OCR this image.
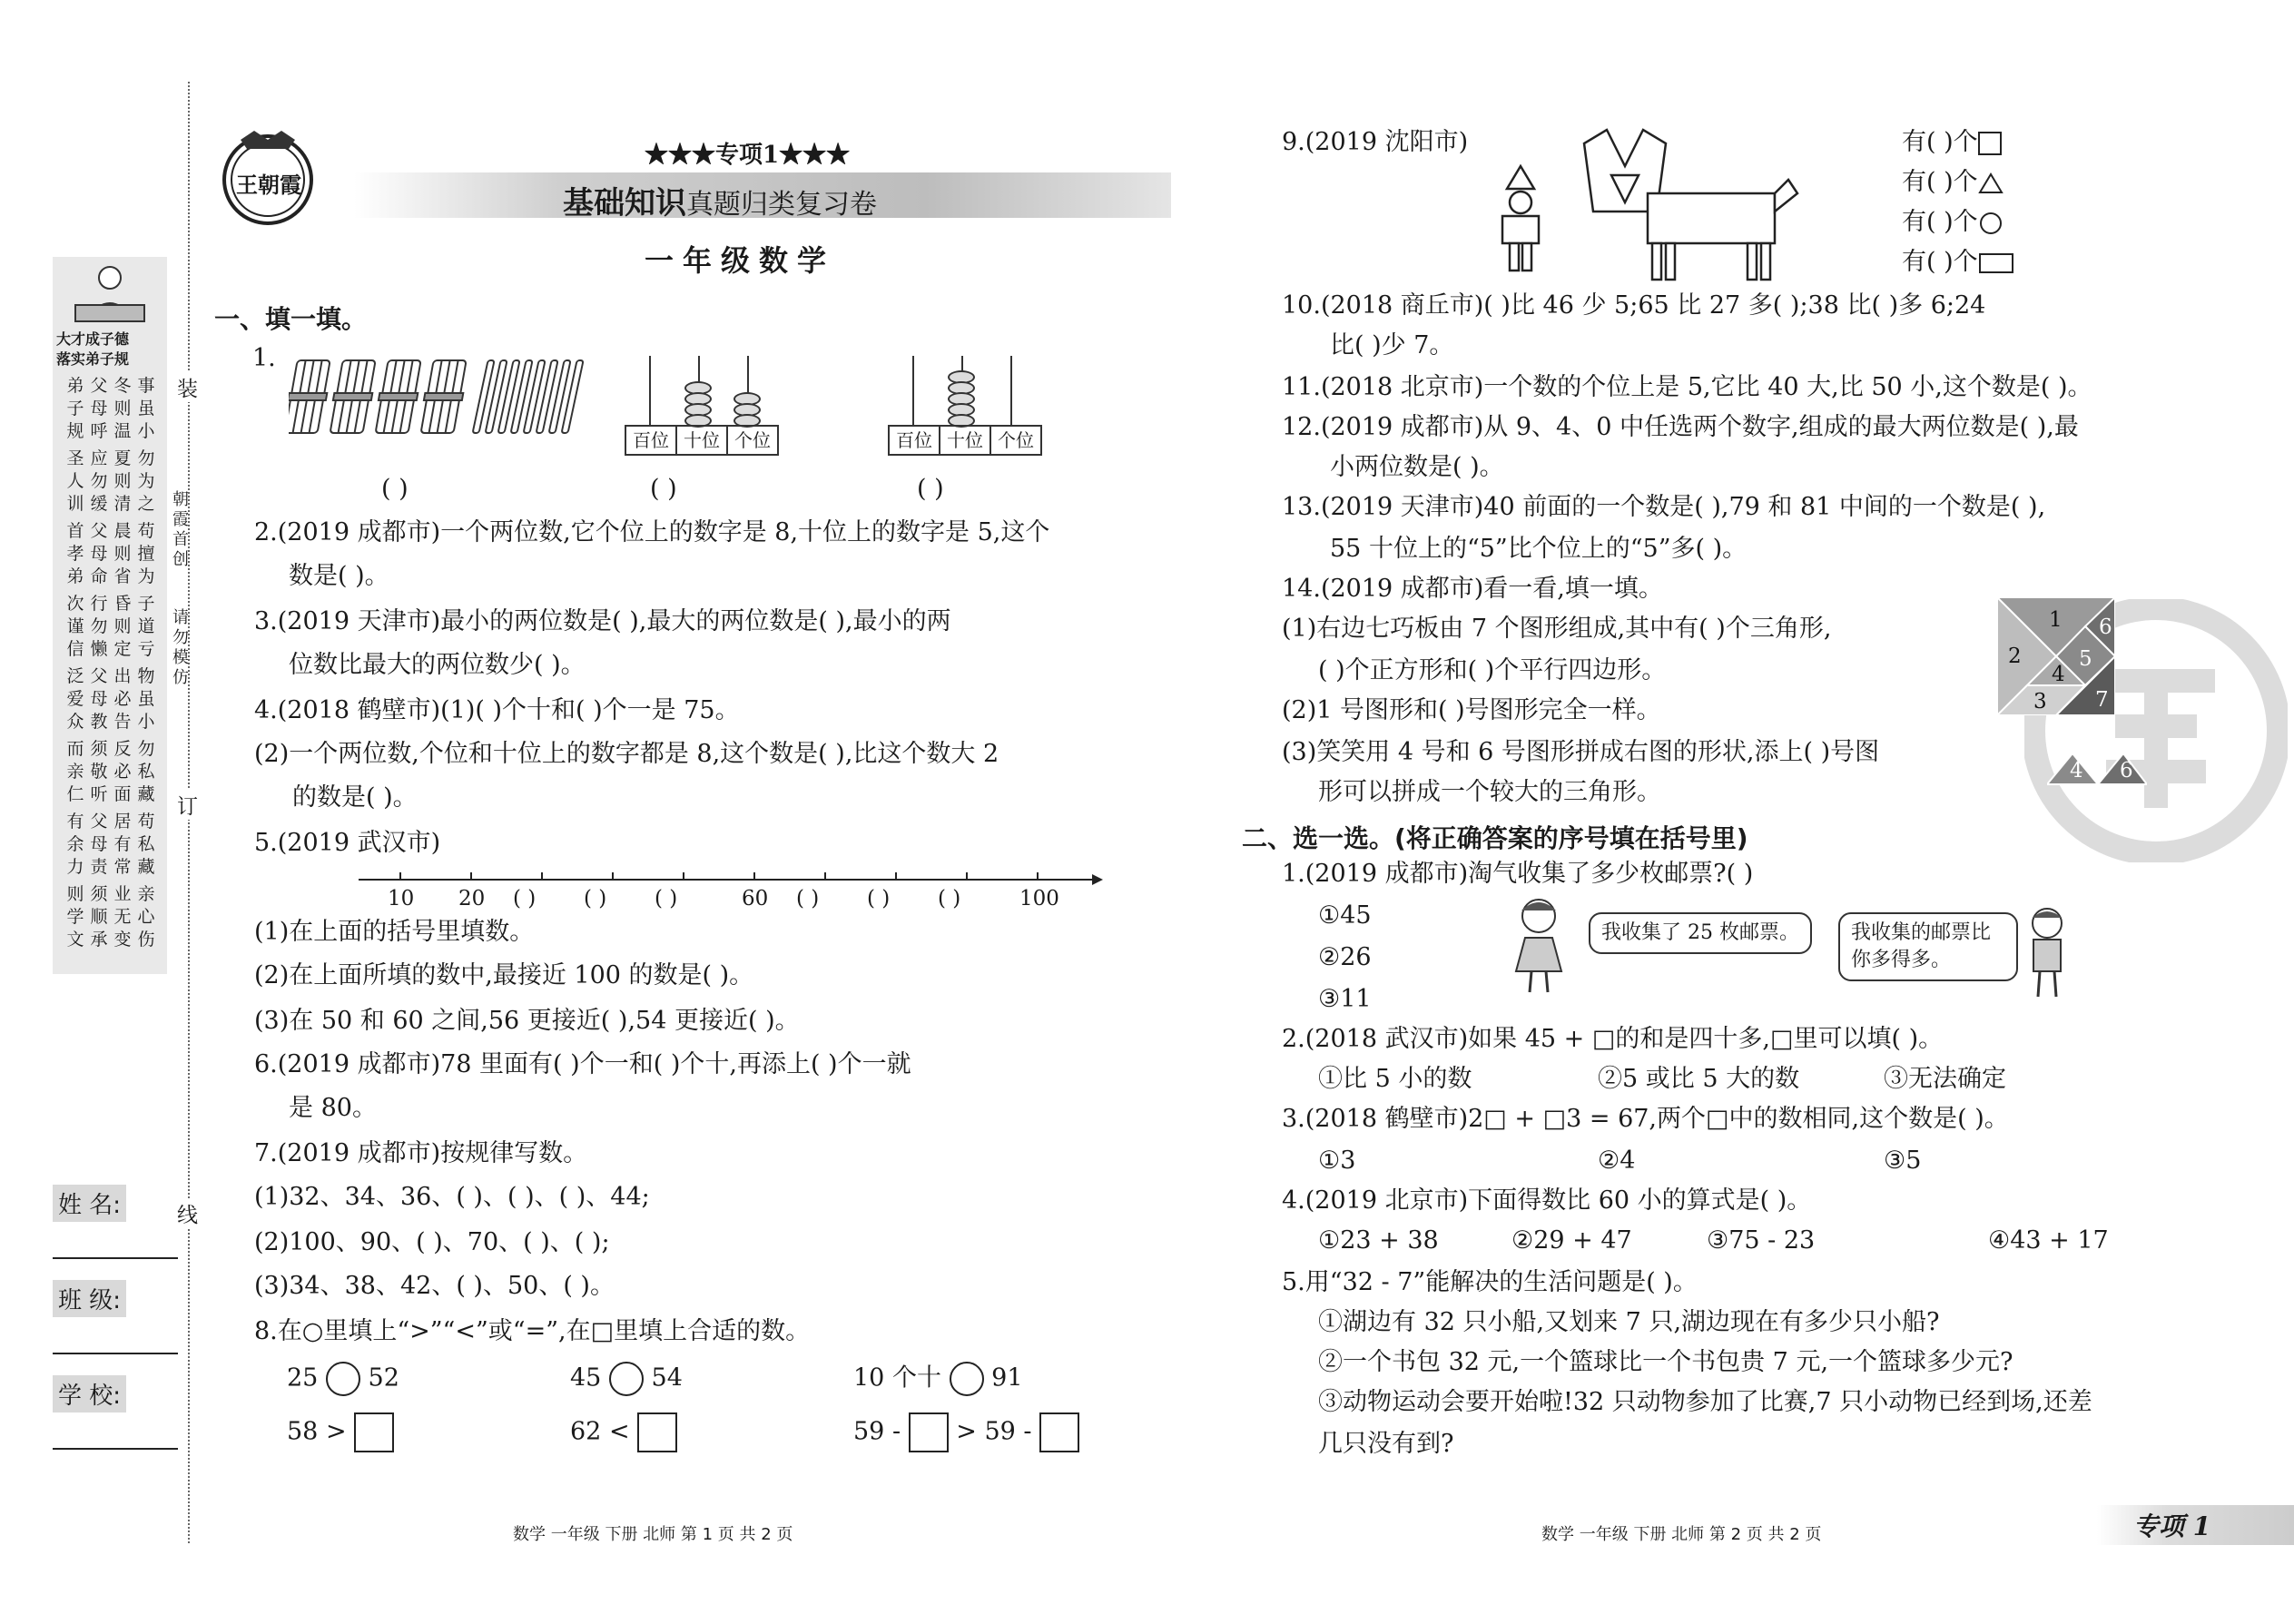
装
订
线
朝霞首创
请勿模仿
大才成子德
落实弟子规
事虽小
冬则温
父母呼
弟子规
勿为之
夏则清
应勿缓
圣人训
苟擅为
晨则省
父母命
首孝弟
子道亏
昏则定
行勿懒
次谨信
物虽小
出必告
父母教
泛爱众
勿私藏
反必面
须敬听
而亲仁
苟私藏
居有常
父母责
有余力
亲心伤
业无变
须顺承
则学文
姓 名:
班 级:
学 校:
王朝霞
★★★专项1★★★
基础知识真题归类复习卷
一年级数学
一、填一填。
1.
百位 十位 个位	百位 十位 个位
( )	( )	( )
2.(2019 成都市)一个两位数,它个位上的数字是 8,十位上的数字是 5,这个
数是( )。
3.(2019 天津市)最小的两位数是( ),最大的两位数是( ),最小的两
位数比最大的两位数少( )。
4.(2018 鹤壁市)(1)( )个十和( )个一是 75。
(2)一个两位数,个位和十位上的数字都是 8,这个数是( ),比这个数大 2
的数是( )。
5.(2019 武汉市)
10 20 ( ) ( ) ( )	60 ( ) ( ) ( )	100
(1)在上面的括号里填数。
(2)在上面所填的数中,最接近 100 的数是( )。
(3)在 50 和 60 之间,56 更接近( ),54 更接近( )。
6.(2019 成都市)78 里面有( )个一和( )个十,再添上( )个一就
是 80。
7.(2019 成都市)按规律写数。
(1)32、34、36、( )、( )、( )、44;
(2)100、90、( )、70、( )、( );
(3)34、38、42、( )、50、( )。
8.在○里填上“>”“<”或“=”,在□里填上合适的数。
25 52	45 54	10 个十 91
58 >	62 <	59 - > 59 -
数学 一年级 下册 北师 第 1 页 共 2 页
9.(2019 沈阳市)	有( )个
有( )个
有( )个
有( )个
10.(2018 商丘市)( )比 46 少 5;65 比 27 多( );38 比( )多 6;24
比( )少 7。
11.(2018 北京市)一个数的个位上是 5,它比 40 大,比 50 小,这个数是( )。
12.(2019 成都市)从 9、4、0 中任选两个数字,组成的最大两位数是( ),最
小两位数是( )。
13.(2019 天津市)40 前面的一个数是( ),79 和 81 中间的一个数是( ),
55 十位上的“5”比个位上的“5”多( )。
14.(2019 成都市)看一看,填一填。
(1)右边七巧板由 7 个图形组成,其中有( )个三角形,
( )个正方形和( )个平行四边形。
(2)1 号图形和( )号图形完全一样。
(3)笑笑用 4 号和 6 号图形拼成右图的形状,添上( )号图
形可以拼成一个较大的三角形。
1
2
3
4
5
6
7
4 6
二、选一选。(将正确答案的序号填在括号里)
1.(2019 成都市)淘气收集了多少枚邮票?( )
①45
②26
③11
我收集了 25 枚邮票。	我收集的邮票比你多得多。
2.(2018 武汉市)如果 45 + □的和是四十多,□里可以填( )。
①比 5 小的数	②5 或比 5 大的数	③无法确定
3.(2018 鹤壁市)2□ + □3 = 67,两个□中的数相同,这个数是( )。
①3	②4	③5
4.(2019 北京市)下面得数比 60 小的算式是( )。
①23 + 38	②29 + 47	③75 - 23	④43 + 17
5.用“32 - 7”能解决的生活问题是( )。
①湖边有 32 只小船,又划来 7 只,湖边现在有多少只小船?
②一个书包 32 元,一个篮球比一个书包贵 7 元,一个篮球多少元?
③动物运动会要开始啦!32 只动物参加了比赛,7 只小动物已经到场,还差
几只没有到?
数学 一年级 下册 北师 第 2 页 共 2 页	专项 1
